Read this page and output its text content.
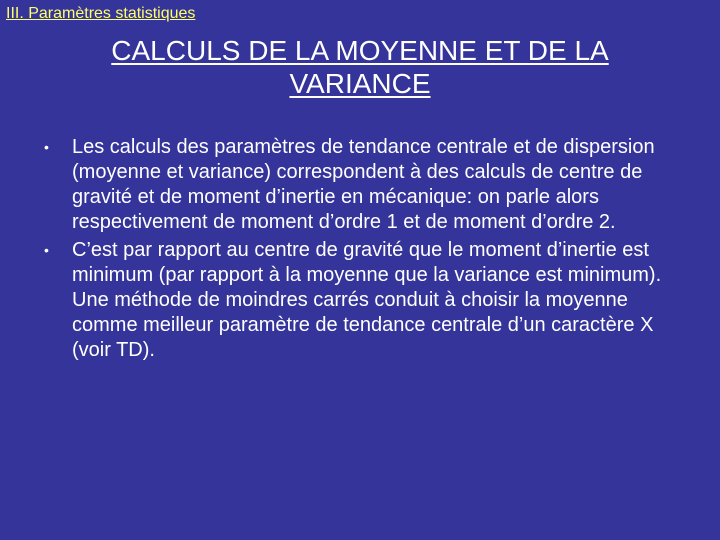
III. Paramètres statistiques
CALCULS DE LA MOYENNE ET DE LA VARIANCE
• Les calculs des paramètres de tendance centrale et de dispersion (moyenne et variance) correspondent à des calculs de centre de gravité et de moment d’inertie en mécanique: on parle alors respectivement de moment d’ordre 1 et de moment d’ordre 2.
• C’est par rapport au centre de gravité que le moment d’inertie est minimum (par rapport à la moyenne que la variance est minimum). Une méthode de moindres carrés conduit à choisir la moyenne comme meilleur paramètre de tendance centrale d’un caractère X (voir TD).
